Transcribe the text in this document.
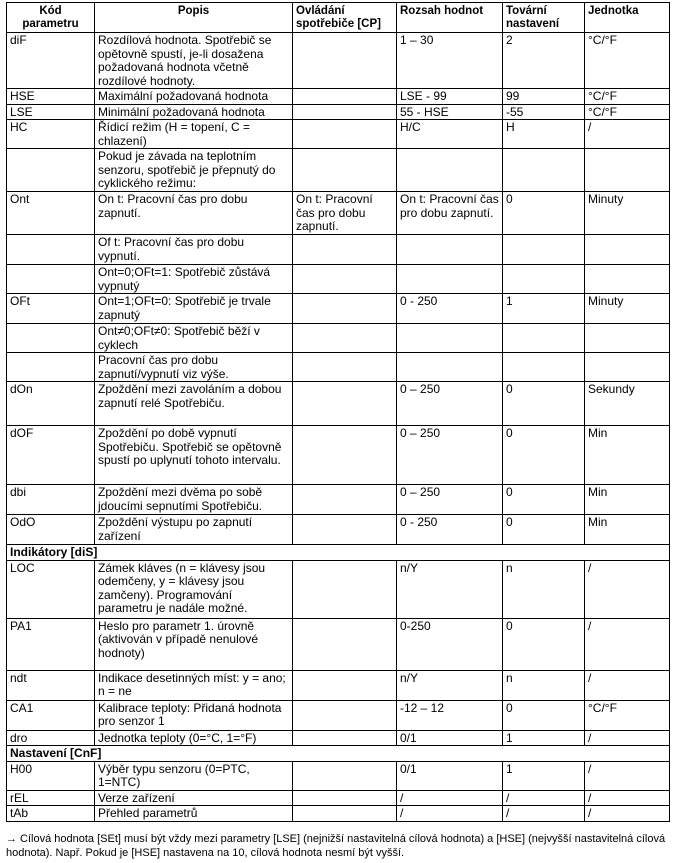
Kód parametru	Popis	Ovládání spotřebiče [CP]	Rozsah hodnot	Tovární nastavení	Jednotka
diF	Rozdílová hodnota. Spotřebič se opětovně spustí, je-li dosažena požadovaná hodnota včetně rozdílové hodnoty.		1 – 30	2	°C/°F
HSE	Maximální požadovaná hodnota		LSE - 99	99	°C/°F
LSE	Minimální požadovaná hodnota		55 - HSE	-55	°C/°F
HC	Řídicí režim (H = topení, C = chlazení)		H/C	H	/
	Pokud je závada na teplotním senzoru, spotřebič je přepnutý do cyklického režimu:				
Ont	On t: Pracovní čas pro dobu zapnutí.	On t: Pracovní čas pro dobu zapnutí.	On t: Pracovní čas pro dobu zapnutí.	0	Minuty
	Of t: Pracovní čas pro dobu vypnutí.				
	Ont=0;OFt=1: Spotřebič zůstává vypnutý				
OFt	Ont=1;OFt=0: Spotřebič je trvale zapnutý		0 - 250	1	Minuty
	Ont≠0;OFt≠0: Spotřebič běží v cyklech				
	Pracovní čas pro dobu zapnutí/vypnutí viz výše.				
dOn	Zpoždění mezi zavoláním a dobou zapnutí relé Spotřebiču.		0 – 250	0	Sekundy
dOF	Zpoždění po době vypnutí Spotřebiču. Spotřebič se opětovně spustí po uplynutí tohoto intervalu.		0 – 250	0	Min
dbi	Zpoždění mezi dvěma po sobě jdoucími sepnutími Spotřebiču.		0 – 250	0	Min
OdO	Zpoždění výstupu po zapnutí zařízení		0 - 250	0	Min
Indikátory [diS]					
LOC	Zámek kláves (n = klávesy jsou odemčeny, y = klávesy jsou zamčeny). Programování parametru je nadále možné.		n/Y	n	/
PA1	Heslo pro parametr 1. úrovně (aktivován v případě nenulové hodnoty)		0-250	0	/
ndt	Indikace desetinných míst: y = ano; n = ne		n/Y	n	/
CA1	Kalibrace teploty: Přidaná hodnota pro senzor 1		-12 – 12	0	°C/°F
dro	Jednotka teploty (0=°C, 1=°F)		0/1	1	/
Nastavení [CnF]					
H00	Výběr typu senzoru (0=PTC, 1=NTC)		0/1	1	/
rEL	Verze zařízení		/	/	/
tAb	Přehled parametrů		/	/	/
→ Cílová hodnota [SEt] musí být vždy mezi parametry [LSE] (nejnižší nastavitelná cílová hodnota) a [HSE] (nejvyšší nastavitelná cílová hodnota). Např. Pokud je [HSE] nastavena na 10, cílová hodnota nesmí být vyšší.
